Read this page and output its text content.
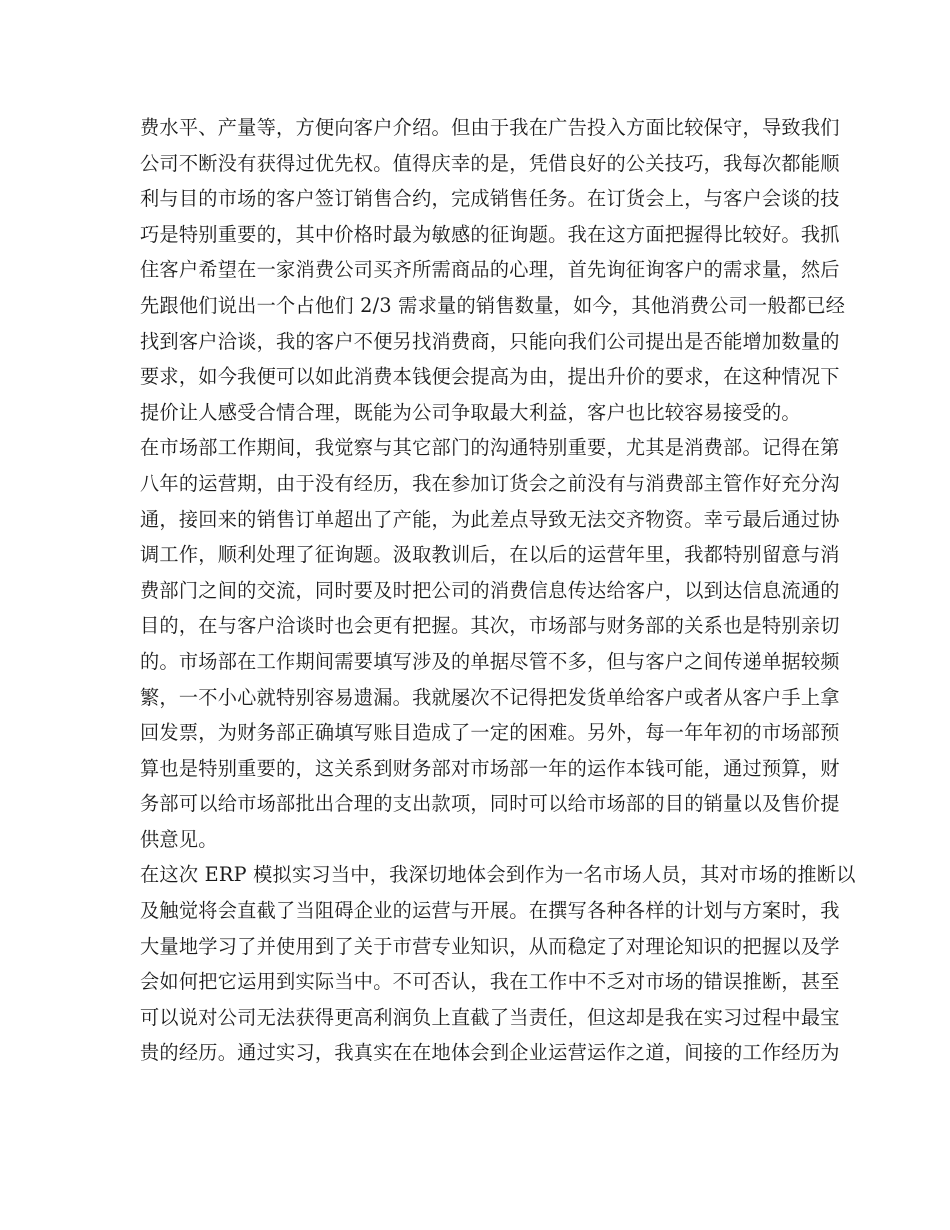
费水平、产量等，方便向客户介绍。但由于我在广告投入方面比较保守，导致我们
公司不断没有获得过优先权。值得庆幸的是，凭借良好的公关技巧，我每次都能顺
利与目的市场的客户签订销售合约，完成销售任务。在订货会上，与客户会谈的技
巧是特别重要的，其中价格时最为敏感的征询题。我在这方面把握得比较好。我抓
住客户希望在一家消费公司买齐所需商品的心理，首先询征询客户的需求量，然后
先跟他们说出一个占他们 2/3 需求量的销售数量，如今，其他消费公司一般都已经
找到客户洽谈，我的客户不便另找消费商，只能向我们公司提出是否能增加数量的
要求，如今我便可以如此消费本钱便会提高为由，提出升价的要求，在这种情况下
提价让人感受合情合理，既能为公司争取最大利益，客户也比较容易接受的。
在市场部工作期间，我觉察与其它部门的沟通特别重要，尤其是消费部。记得在第
八年的运营期，由于没有经历，我在参加订货会之前没有与消费部主管作好充分沟
通，接回来的销售订单超出了产能，为此差点导致无法交齐物资。幸亏最后通过协
调工作，顺利处理了征询题。汲取教训后，在以后的运营年里，我都特别留意与消
费部门之间的交流，同时要及时把公司的消费信息传达给客户，以到达信息流通的
目的，在与客户洽谈时也会更有把握。其次，市场部与财务部的关系也是特别亲切
的。市场部在工作期间需要填写涉及的单据尽管不多，但与客户之间传递单据较频
繁，一不小心就特别容易遗漏。我就屡次不记得把发货单给客户或者从客户手上拿
回发票，为财务部正确填写账目造成了一定的困难。另外，每一年年初的市场部预
算也是特别重要的，这关系到财务部对市场部一年的运作本钱可能，通过预算，财
务部可以给市场部批出合理的支出款项，同时可以给市场部的目的销量以及售价提
供意见。
在这次 ERP 模拟实习当中，我深切地体会到作为一名市场人员，其对市场的推断以
及触觉将会直截了当阻碍企业的运营与开展。在撰写各种各样的计划与方案时，我
大量地学习了并使用到了关于市营专业知识，从而稳定了对理论知识的把握以及学
会如何把它运用到实际当中。不可否认，我在工作中不乏对市场的错误推断，甚至
可以说对公司无法获得更高利润负上直截了当责任，但这却是我在实习过程中最宝
贵的经历。通过实习，我真实在在地体会到企业运营运作之道，间接的工作经历为
